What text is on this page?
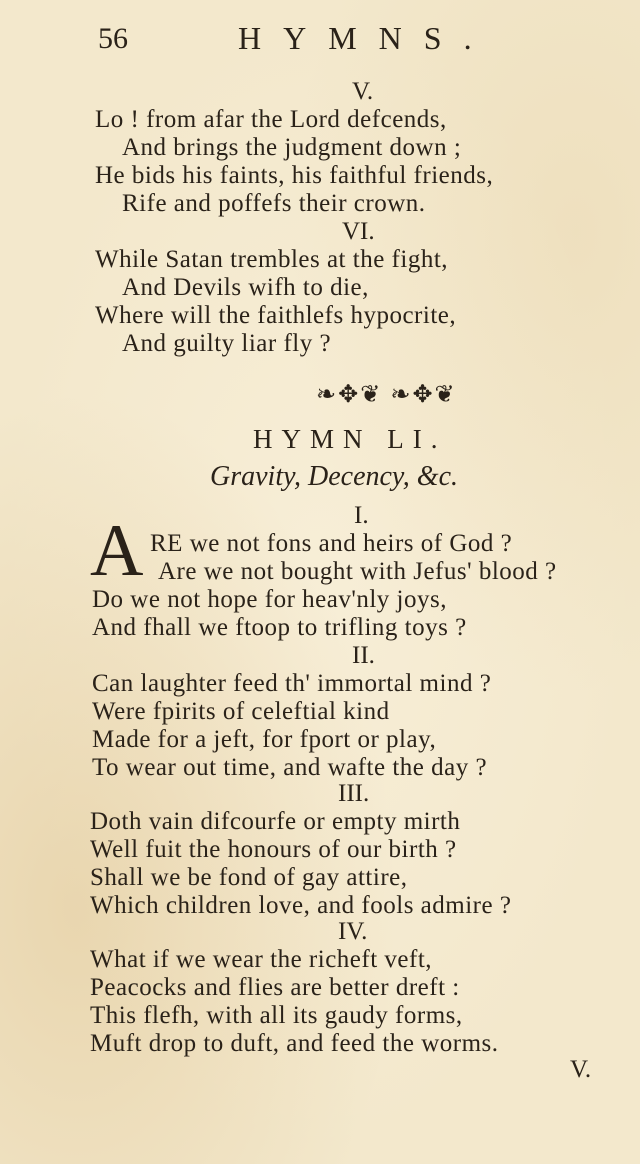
56	HYMNS.
V.
Lo ! from afar the Lord defcends,
And brings the judgment down ;
He bids his faints, his faithful friends,
Rife and poffefs their crown.
VI.
While Satan trembles at the fight,
And Devils wifh to die,
Where will the faithlefs hypocrite,
And guilty liar fly ?
❧✥❦ ❧✥❦
HYMN LI.
Gravity, Decency, &c.
I.
A RE we not fons and heirs of God ?
Are we not bought with Jefus' blood ?
Do we not hope for heav'nly joys,
And fhall we ftoop to trifling toys ?
II.
Can laughter feed th' immortal mind ?
Were fpirits of celeftial kind
Made for a jeft, for fport or play,
To wear out time, and wafte the day ?
III.
Doth vain difcourfe or empty mirth
Well fuit the honours of our birth ?
Shall we be fond of gay attire,
Which children love, and fools admire ?
IV.
What if we wear the richeft veft,
Peacocks and flies are better dreft :
This flefh, with all its gaudy forms,
Muft drop to duft, and feed the worms.
V.
